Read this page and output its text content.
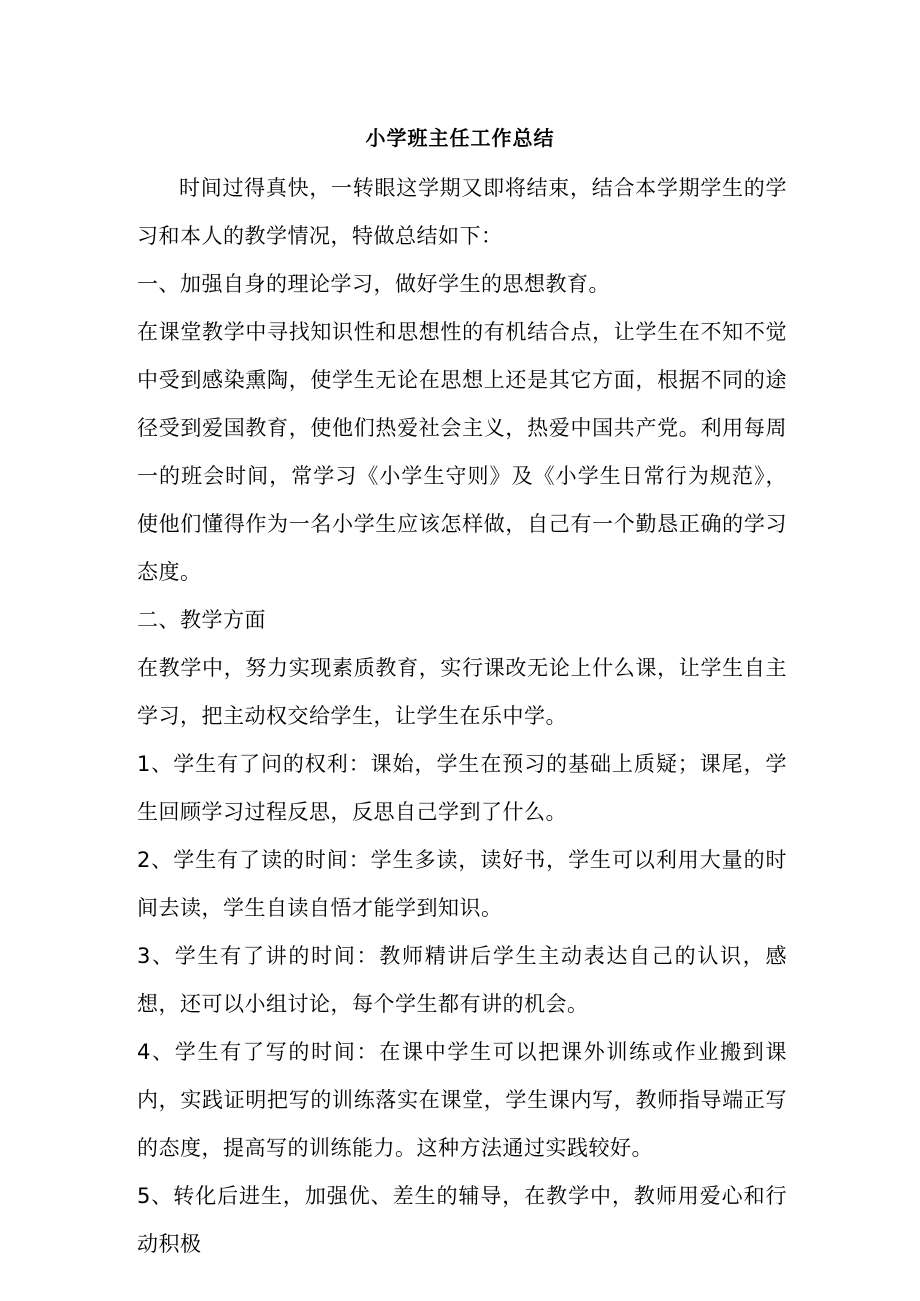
小学班主任工作总结

时间过得真快，一转眼这学期又即将结束，结合本学期学生的学习和本人的教学情况，特做总结如下：

一、加强自身的理论学习，做好学生的思想教育。

在课堂教学中寻找知识性和思想性的有机结合点，让学生在不知不觉中受到感染熏陶，使学生无论在思想上还是其它方面，根据不同的途径受到爱国教育，使他们热爱社会主义，热爱中国共产党。利用每周一的班会时间，常学习《小学生守则》及《小学生日常行为规范》，使他们懂得作为一名小学生应该怎样做，自己有一个勤恳正确的学习态度。

二、教学方面

在教学中，努力实现素质教育，实行课改无论上什么课，让学生自主学习，把主动权交给学生，让学生在乐中学。

1、学生有了问的权利：课始，学生在预习的基础上质疑；课尾，学生回顾学习过程反思，反思自己学到了什么。

2、学生有了读的时间：学生多读，读好书，学生可以利用大量的时间去读，学生自读自悟才能学到知识。

3、学生有了讲的时间：教师精讲后学生主动表达自己的认识，感想，还可以小组讨论，每个学生都有讲的机会。

4、学生有了写的时间：在课中学生可以把课外训练或作业搬到课内，实践证明把写的训练落实在课堂，学生课内写，教师指导端正写的态度，提高写的训练能力。这种方法通过实践较好。

5、转化后进生，加强优、差生的辅导，在教学中，教师用爱心和行动积极
